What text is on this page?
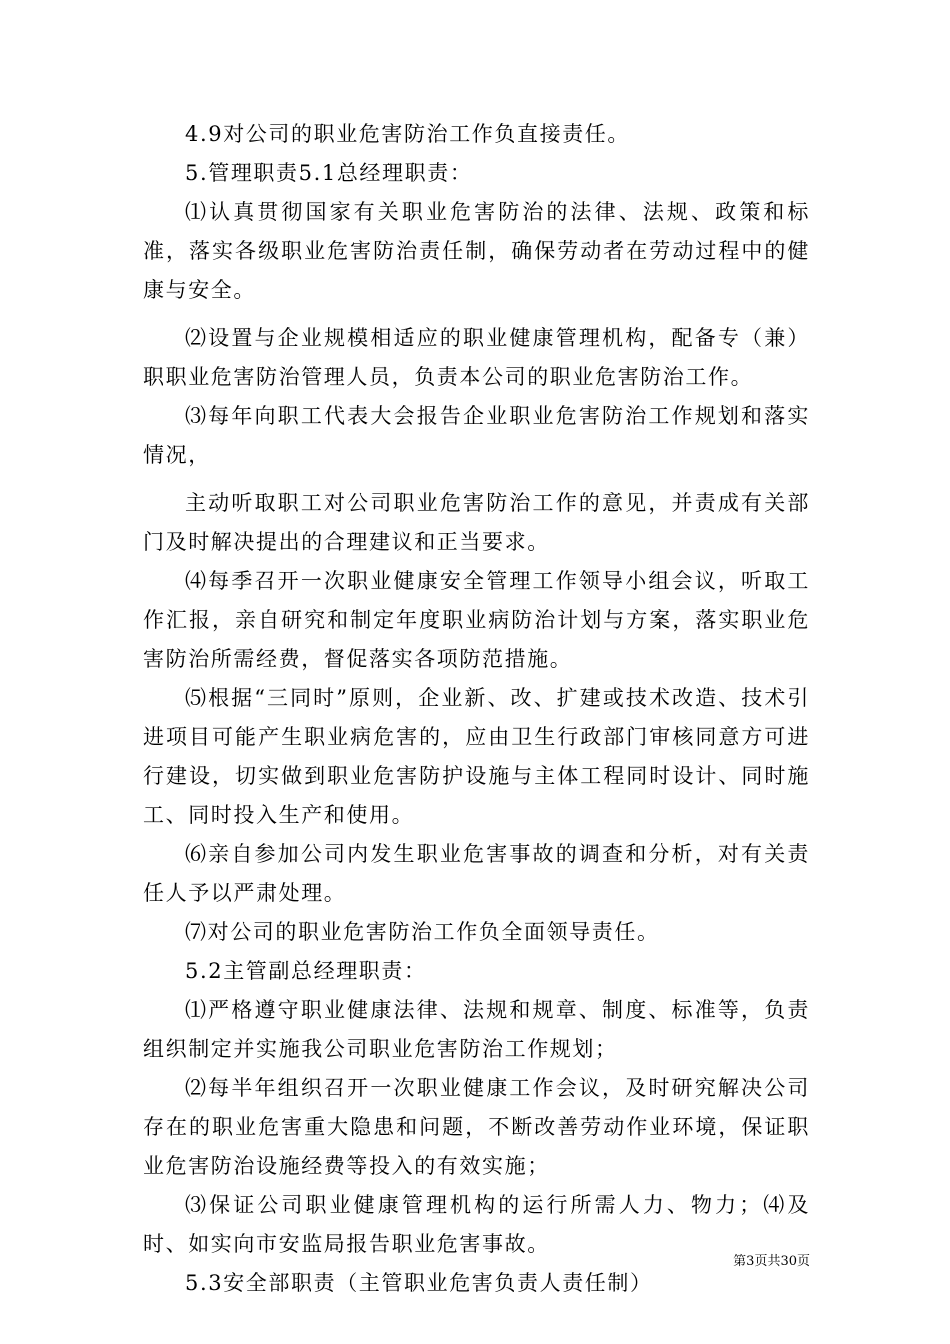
4.9对公司的职业危害防治工作负直接责任。

5.管理职责5.1总经理职责：

⑴认真贯彻国家有关职业危害防治的法律、法规、政策和标准，落实各级职业危害防治责任制，确保劳动者在劳动过程中的健康与安全。

⑵设置与企业规模相适应的职业健康管理机构，配备专（兼）职职业危害防治管理人员，负责本公司的职业危害防治工作。

⑶每年向职工代表大会报告企业职业危害防治工作规划和落实情况，

主动听取职工对公司职业危害防治工作的意见，并责成有关部门及时解决提出的合理建议和正当要求。

⑷每季召开一次职业健康安全管理工作领导小组会议，听取工作汇报，亲自研究和制定年度职业病防治计划与方案，落实职业危害防治所需经费，督促落实各项防范措施。

⑸根据“三同时”原则，企业新、改、扩建或技术改造、技术引进项目可能产生职业病危害的，应由卫生行政部门审核同意方可进行建设，切实做到职业危害防护设施与主体工程同时设计、同时施工、同时投入生产和使用。

⑹亲自参加公司内发生职业危害事故的调查和分析，对有关责任人予以严肃处理。

⑺对公司的职业危害防治工作负全面领导责任。

5.2主管副总经理职责：

⑴严格遵守职业健康法律、法规和规章、制度、标准等，负责组织制定并实施我公司职业危害防治工作规划；

⑵每半年组织召开一次职业健康工作会议，及时研究解决公司存在的职业危害重大隐患和问题，不断改善劳动作业环境，保证职业危害防治设施经费等投入的有效实施；

⑶保证公司职业健康管理机构的运行所需人力、物力；⑷及时、如实向市安监局报告职业危害事故。

5.3安全部职责（主管职业危害负责人责任制）

第3页共30页
